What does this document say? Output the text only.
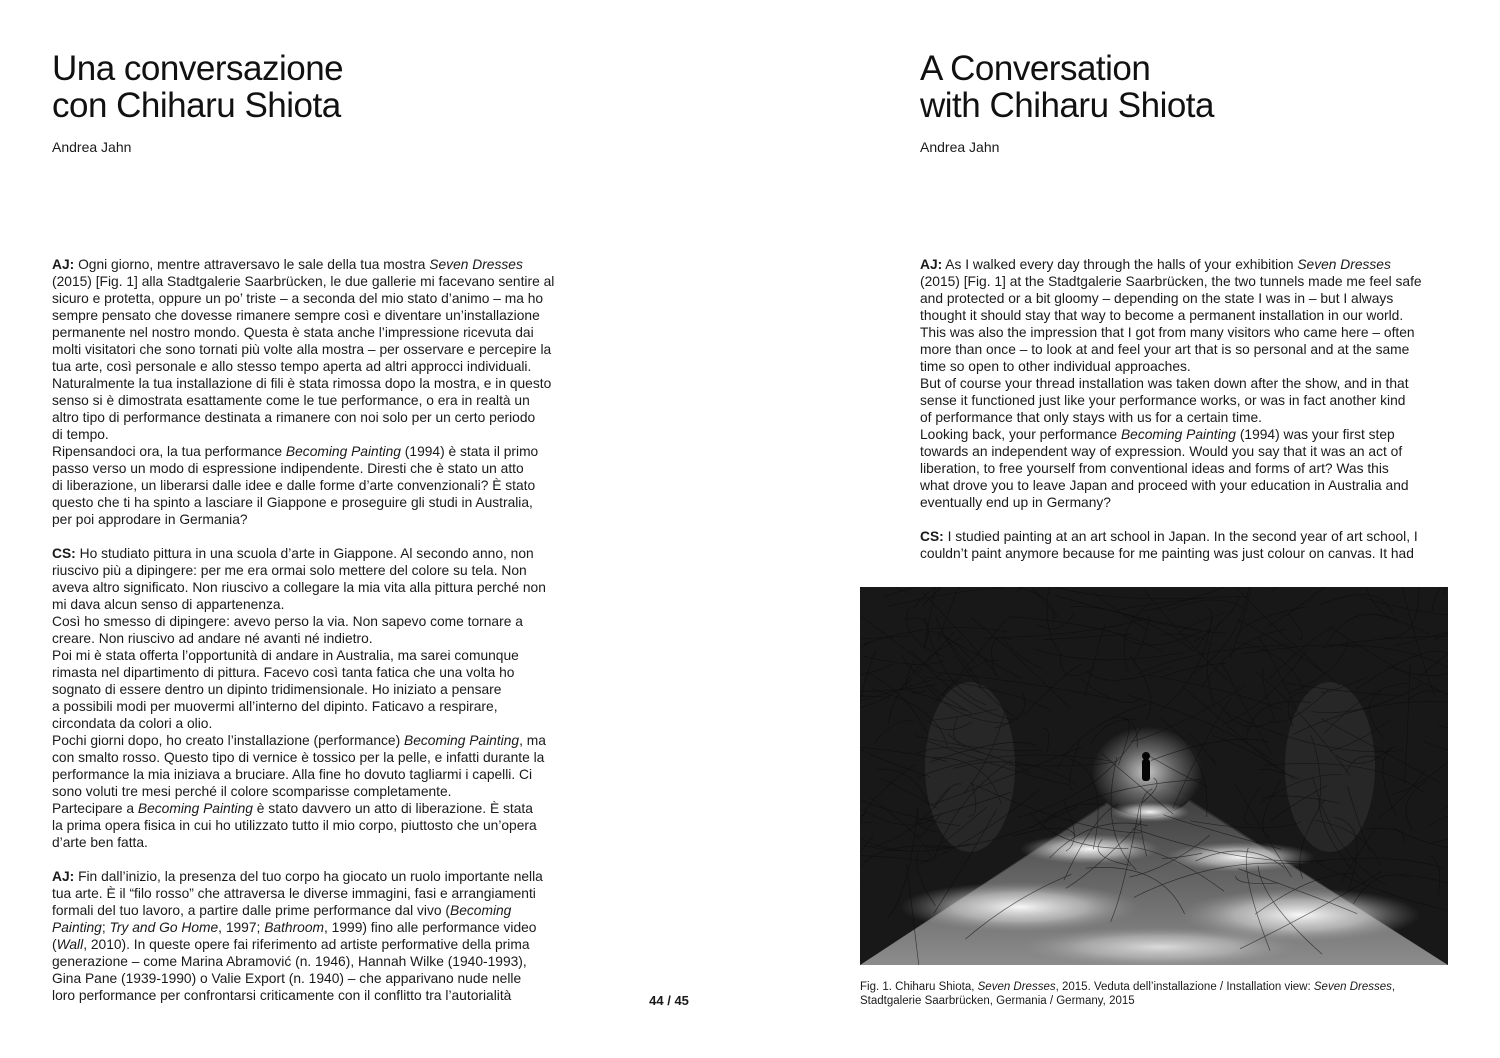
Una conversazione
con Chiharu Shiota

Andrea Jahn

AJ: Ogni giorno, mentre attraversavo le sale della tua mostra Seven Dresses
(2015) [Fig. 1] alla Stadtgalerie Saarbrücken, le due gallerie mi facevano sentire al
sicuro e protetta, oppure un po’ triste – a seconda del mio stato d’animo – ma ho
sempre pensato che dovesse rimanere sempre così e diventare un’installazione
permanente nel nostro mondo. Questa è stata anche l’impressione ricevuta dai
molti visitatori che sono tornati più volte alla mostra – per osservare e percepire la
tua arte, così personale e allo stesso tempo aperta ad altri approcci individuali.
Naturalmente la tua installazione di fili è stata rimossa dopo la mostra, e in questo
senso si è dimostrata esattamente come le tue performance, o era in realtà un
altro tipo di performance destinata a rimanere con noi solo per un certo periodo
di tempo.
Ripensandoci ora, la tua performance Becoming Painting (1994) è stata il primo
passo verso un modo di espressione indipendente. Diresti che è stato un atto
di liberazione, un liberarsi dalle idee e dalle forme d’arte convenzionali? È stato
questo che ti ha spinto a lasciare il Giappone e proseguire gli studi in Australia,
per poi approdare in Germania?

CS: Ho studiato pittura in una scuola d’arte in Giappone. Al secondo anno, non
riuscivo più a dipingere: per me era ormai solo mettere del colore su tela. Non
aveva altro significato. Non riuscivo a collegare la mia vita alla pittura perché non
mi dava alcun senso di appartenenza.
Così ho smesso di dipingere: avevo perso la via. Non sapevo come tornare a
creare. Non riuscivo ad andare né avanti né indietro.
Poi mi è stata offerta l’opportunità di andare in Australia, ma sarei comunque
rimasta nel dipartimento di pittura. Facevo così tanta fatica che una volta ho
sognato di essere dentro un dipinto tridimensionale. Ho iniziato a pensare
a possibili modi per muovermi all’interno del dipinto. Faticavo a respirare,
circondata da colori a olio.
Pochi giorni dopo, ho creato l’installazione (performance) Becoming Painting, ma
con smalto rosso. Questo tipo di vernice è tossico per la pelle, e infatti durante la
performance la mia iniziava a bruciare. Alla fine ho dovuto tagliarmi i capelli. Ci
sono voluti tre mesi perché il colore scomparisse completamente.
Partecipare a Becoming Painting è stato davvero un atto di liberazione. È stata
la prima opera fisica in cui ho utilizzato tutto il mio corpo, piuttosto che un’opera
d’arte ben fatta.

AJ: Fin dall’inizio, la presenza del tuo corpo ha giocato un ruolo importante nella
tua arte. È il “filo rosso” che attraversa le diverse immagini, fasi e arrangiamenti
formali del tuo lavoro, a partire dalle prime performance dal vivo (Becoming
Painting; Try and Go Home, 1997; Bathroom, 1999) fino alle performance video
(Wall, 2010). In queste opere fai riferimento ad artiste performative della prima
generazione – come Marina Abramović (n. 1946), Hannah Wilke (1940-1993),
Gina Pane (1939-1990) o Valie Export (n. 1940) – che apparivano nude nelle
loro performance per confrontarsi criticamente con il conflitto tra l’autorialità	44 / 45
A Conversation
with Chiharu Shiota

Andrea Jahn

AJ: As I walked every day through the halls of your exhibition Seven Dresses
(2015) [Fig. 1] at the Stadtgalerie Saarbrücken, the two tunnels made me feel safe
and protected or a bit gloomy – depending on the state I was in – but I always
thought it should stay that way to become a permanent installation in our world.
This was also the impression that I got from many visitors who came here – often
more than once – to look at and feel your art that is so personal and at the same
time so open to other individual approaches.
But of course your thread installation was taken down after the show, and in that
sense it functioned just like your performance works, or was in fact another kind
of performance that only stays with us for a certain time.
Looking back, your performance Becoming Painting (1994) was your first step
towards an independent way of expression. Would you say that it was an act of
liberation, to free yourself from conventional ideas and forms of art? Was this
what drove you to leave Japan and proceed with your education in Australia and
eventually end up in Germany?

CS: I studied painting at an art school in Japan. In the second year of art school, I
couldn’t paint anymore because for me painting was just colour on canvas. It had

Fig. 1. Chiharu Shiota, Seven Dresses, 2015. Veduta dell’installazione / Installation view: Seven Dresses,
Stadtgalerie Saarbrücken, Germania / Germany, 2015
